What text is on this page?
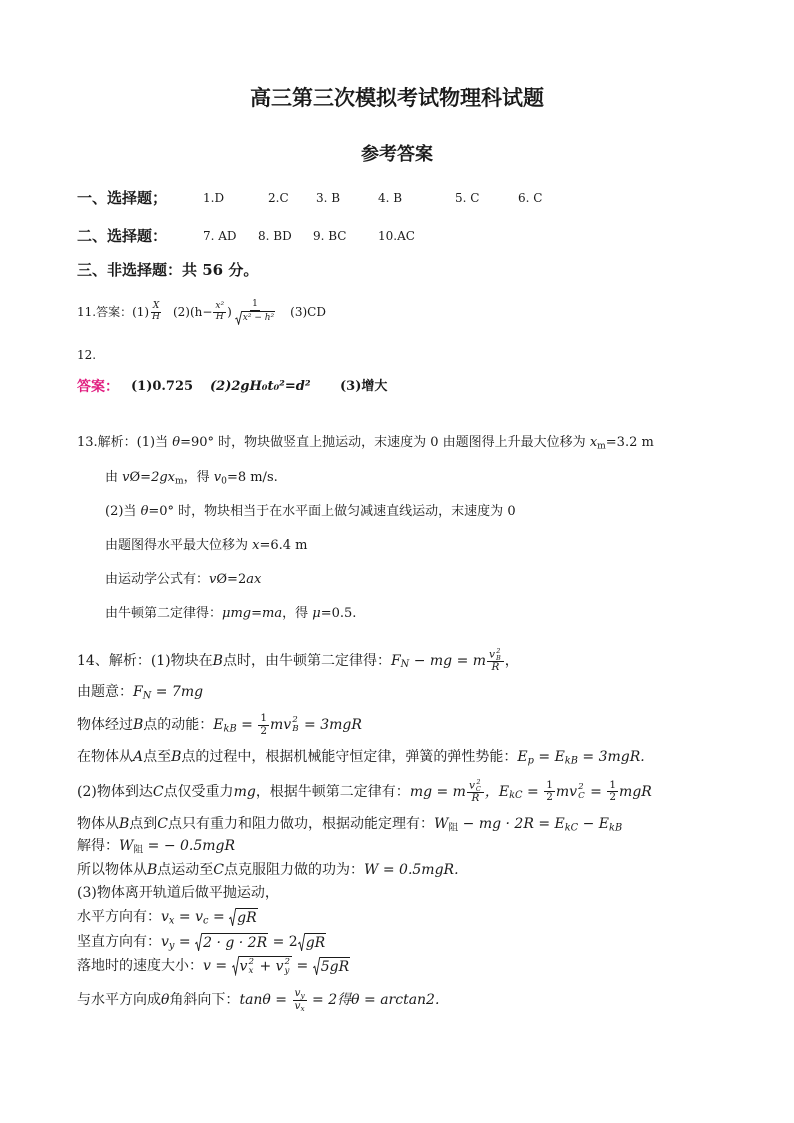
高三第三次模拟考试物理科试题
参考答案
一、选择题；	1.D	2.C 3. B	4. B	5. C	6. C
二、选择题：	7. AD 8. BD 9. BC	10.AC
三、非选择题：共 56 分。
11.答案：$(1) \frac{X}{H} (2)(h- \frac{\text{x²}}{H}$ ) $\frac{1}{\text{x² − h²}} (3)CD$
12.
答案： (1)0.725 (2)2gH₀t₀²=d² (3)增大
13.解析：(1)当 θ=90° 时，物块做竖直上抛运动，末速度为 0 由题图得上升最大位移为 $x_m=3.2$ m
由 $vØ=2gx_m$，得 $v_0=8$ m/s.
(2)当 θ=0° 时，物块相当于在水平面上做匀减速直线运动，末速度为 0
由题图得水平最大位移为 x=6.4 m
由运动学公式有：vØ=2ax
由牛顿第二定律得：μmg=ma，得 μ=0.5.
14、解析：(1)物块在B点时，由牛顿第二定律得：$F_N$ − mg = m v 2
B
R ，
由题意：$F_N = 7mg$
物体经过B点的动能：$E_{kB} = \frac{1}{2}$ mv 2
B = 3mgR
在物体从A点至B点的过程中，根据机械能守恒定律，弹簧的弹性势能：$E_p = E_{kB} = 3mgR$.
(2)物体到达C点仅受重力mg，根据牛顿第二定律有：mg = m v 2
C
R ，$E_{kC} = \frac{1}{2}$ mv 2
$C = \frac{1}{2}$ mgR
物体从B点到C点只有重力和阻力做功，根据动能定理有：$W_阻$ − mg · $2R = E_{kC} - E_{kB}$
解得：$W_阻$ = − 0.5mgR
所以物体从B点运动至C点克服阻力做的功为：W = 0.5mgR.
(3)物体离开轨道后做平抛运动，
水平方向有：$v_x = v_c$ = gR
坚直方向有：$v_y = 2 \cdot g \cdot 2R = 2$ gR
落地时的速度大小：v = v 2
x + v 2
y = 5gR
与水平方向成θ角斜向下：$\tan\theta = \frac{v_y}{v_x} = 2$得θ = arctan2.
